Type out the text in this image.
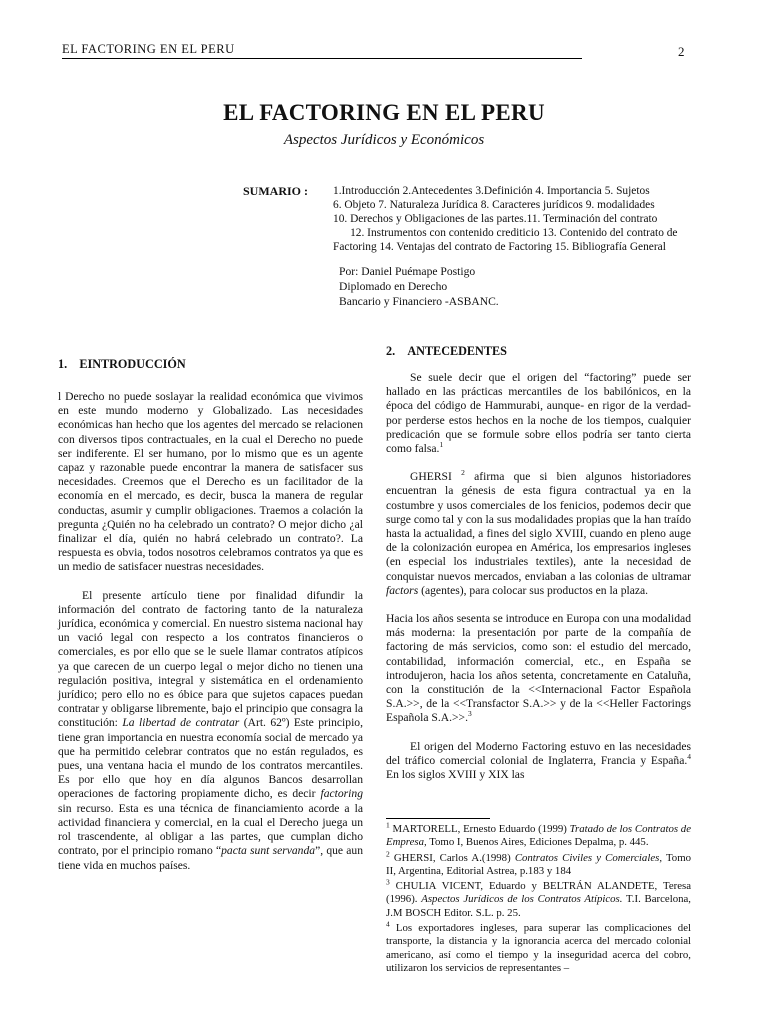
EL FACTORING EN EL PERU	2
EL FACTORING EN EL PERU
Aspectos Jurídicos y Económicos
SUMARIO : 1.Introducción 2.Antecedentes 3.Definición 4. Importancia 5. Sujetos
6. Objeto 7. Naturaleza Jurídica 8. Caracteres jurídicos 9. modalidades
10. Derechos y Obligaciones de las partes.11. Terminación del contrato
12. Instrumentos con contenido crediticio 13. Contenido del contrato de
Factoring 14. Ventajas del contrato de Factoring 15. Bibliografía General
Por: Daniel Puémape Postigo
Diplomado en Derecho
Bancario y Financiero -ASBANC.
1. EINTRODUCCIÓN

l Derecho no puede soslayar la realidad económica que vivimos en este mundo moderno y Globalizado. Las necesidades económicas han hecho que los agentes del mercado se relacionen con diversos tipos contractuales, en la cual el Derecho no puede ser indiferente. El ser humano, por lo mismo que es un agente capaz y razonable puede encontrar la manera de satisfacer sus necesidades. Creemos que el Derecho es un facilitador de la economía en el mercado, es decir, busca la manera de regular conductas, asumir y cumplir obligaciones. Traemos a colación la pregunta ¿Quién no ha celebrado un contrato? O mejor dicho ¿al finalizar el día, quién no habrá celebrado un contrato?. La respuesta es obvia, todos nosotros celebramos contratos ya que es un medio de satisfacer nuestras necesidades.

El presente artículo tiene por finalidad difundir la información del contrato de factoring tanto de la naturaleza jurídica, económica y comercial. En nuestro sistema nacional hay un vació legal con respecto a los contratos financieros o comerciales, es por ello que se le suele llamar contratos atípicos ya que carecen de un cuerpo legal o mejor dicho no tienen una regulación positiva, integral y sistemática en el ordenamiento jurídico; pero ello no es óbice para que sujetos capaces puedan contratar y obligarse libremente, bajo el principio que consagra la constitución: La libertad de contratar (Art. 62º) Este principio, tiene gran importancia en nuestra economía social de mercado ya que ha permitido celebrar contratos que no están regulados, es pues, una ventana hacia el mundo de los contratos mercantiles. Es por ello que hoy en día algunos Bancos desarrollan operaciones de factoring propiamente dicho, es decir factoring sin recurso. Esta es una técnica de financiamiento acorde a la actividad financiera y comercial, en la cual el Derecho juega un rol trascendente, al obligar a las partes, que cumplan dicho contrato, por el principio romano “pacta sunt servanda”, que aun tiene vida en muchos países.

2. ANTECEDENTES

Se suele decir que el origen del “factoring” puede ser hallado en las prácticas mercantiles de los babilónicos, en la época del código de Hammurabi, aunque- en rigor de la verdad- por perderse estos hechos en la noche de los tiempos, cualquier predicación que se formule sobre ellos podría ser tanto cierta como falsa.$^1$

GHERSI $^2$ afirma que si bien algunos historiadores encuentran la génesis de esta figura contractual ya en la costumbre y usos comerciales de los fenicios, podemos decir que surge como tal y con la sus modalidades propias que la han traído hasta la actualidad, a fines del siglo XVIII, cuando en pleno auge de la colonización europea en América, los empresarios ingleses (en especial los industriales textiles), ante la necesidad de conquistar nuevos mercados, enviaban a las colonias de ultramar factors (agentes), para colocar sus productos en la plaza.

Hacia los años sesenta se introduce en Europa con una modalidad más moderna: la presentación por parte de la compañía de factoring de más servicios, como son: el estudio del mercado, contabilidad, información comercial, etc., en España se introdujeron, hacia los años setenta, concretamente en Cataluña, con la constitución de la <<Internacional Factor Española S.A.>>, de la <<Transfactor S.A.>> y de la <<Heller Factorings Española S.A.>>.$^3$

El origen del Moderno Factoring estuvo en las necesidades del tráfico comercial colonial de Inglaterra, Francia y España.$^4$ En los siglos XVIII y XIX las

$^1$ MARTORELL, Ernesto Eduardo (1999) Tratado de los Contratos de Empresa, Tomo I, Buenos Aires, Ediciones Depalma, p. 445.

$^2$ GHERSI, Carlos A.(1998) Contratos Civiles y Comerciales, Tomo II, Argentina, Editorial Astrea, p.183 y 184

$^3$ CHULIA VICENT, Eduardo y BELTRÁN ALANDETE, Teresa (1996). Aspectos Jurídicos de los Contratos Atípicos. T.I. Barcelona, J.M BOSCH Editor. S.L. p. 25.

$^4$ Los exportadores ingleses, para superar las complicaciones del transporte, la distancia y la ignorancia acerca del mercado colonial americano, así como el tiempo y la inseguridad acerca del cobro, utilizaron los servicios de representantes –
